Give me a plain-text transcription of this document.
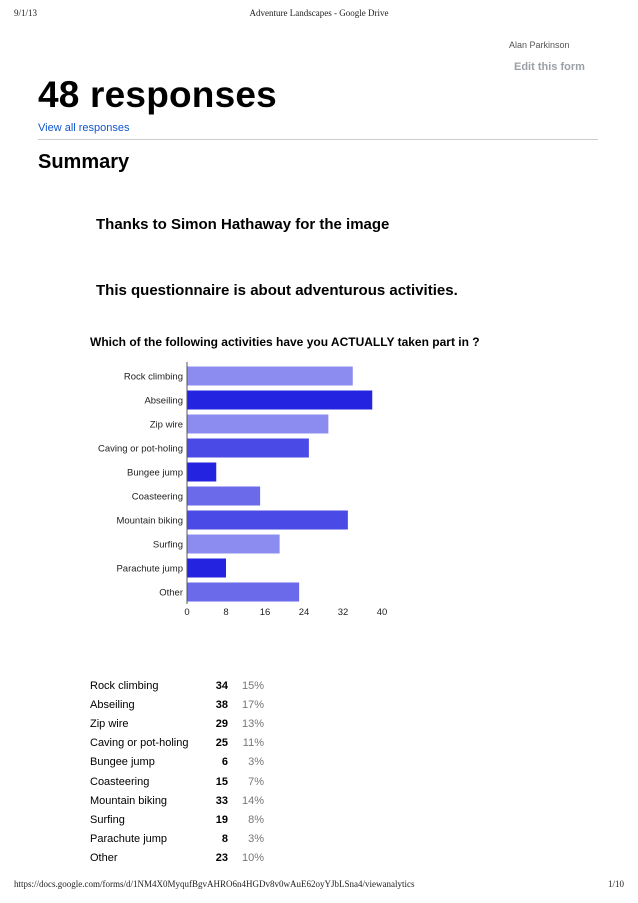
9/1/13	Adventure Landscapes - Google Drive
Alan Parkinson
Edit this form
48 responses
View all responses
Summary
Thanks to Simon Hathaway for the image
This questionnaire is about adventurous activities.
Which of the following activities have you ACTUALLY taken part in ?
Rock climbing
Abseiling
Zip wire
Caving or pot-holing
Bungee jump
Coasteering
Mountain biking
Surfing
Parachute jump
Other
0	8	16	24	32	40
Rock climbing	34	15%
Abseiling	38	17%
Zip wire	29	13%
Caving or pot-holing	25	11%
Bungee jump	6	3%
Coasteering	15	7%
Mountain biking	33	14%
Surfing	19	8%
Parachute jump	8	3%
Other	23	10%
https://docs.google.com/forms/d/1NM4X0MyqufBgvAHRO6n4HGDv8v0wAuE62oyYJbLSna4/viewanalytics	1/10
